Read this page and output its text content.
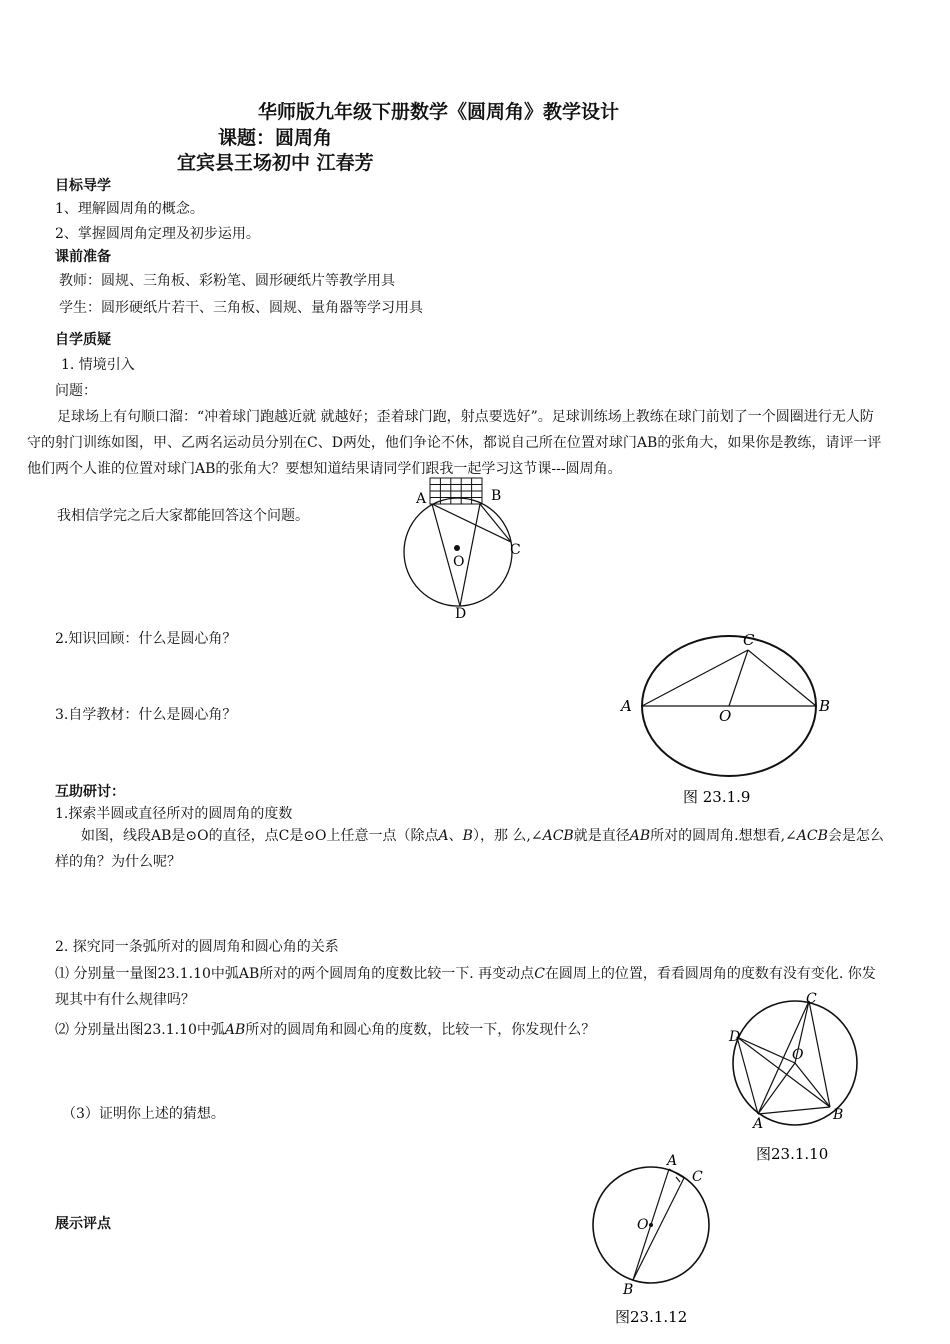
华师版九年级下册数学《圆周角》教学设计
课题：圆周角
宜宾县王场初中 江春芳
目标导学
1、理解圆周角的概念。
2、掌握圆周角定理及初步运用。
课前准备
教师：圆规、三角板、彩粉笔、圆形硬纸片等教学用具
学生：圆形硬纸片若干、三角板、圆规、量角器等学习用具
自学质疑
1. 情境引入
问题：
足球场上有句顺口溜：“冲着球门跑越近就 就越好；歪着球门跑，射点要选好”。足球训练场上教练在球门前划了一个圆圈进行无人防守的射门训练如图，甲、乙两名运动员分别在C、D两处，他们争论不休，都说自己所在位置对球门AB的张角大，如果你是教练，请评一评他们两个人谁的位置对球门AB的张角大？要想知道结果请同学们跟我一起学习这节课---圆周角。
我相信学完之后大家都能回答这个问题。
A	B
C
O
D
2.知识回顾：什么是圆心角？
3.自学教材：什么是圆心角？
C
A
O
B
图 23.1.9
互助研讨：
1.探索半圆或直径所对的圆周角的度数
如图，线段AB是⊙O的直径，点C是⊙O上任意一点（除点A、B），那 么,∠ACB就是直径AB所对的圆周角.想想看,∠ACB会是怎么样的角？为什么呢？
2. 探究同一条弧所对的圆周角和圆心角的关系
⑴ 分别量一量图23.1.10中弧AB所对的两个圆周角的度数比较一下. 再变动点C在圆周上的位置，看看圆周角的度数有没有变化. 你发现其中有什么规律吗？
⑵ 分别量出图23.1.10中弧AB所对的圆周角和圆心角的度数，比较一下，你发现什么？
（3）证明你上述的猜想。
C
D
O
A
B
图23.1.10
展示评点
A
C
O
B
图23.1.12
